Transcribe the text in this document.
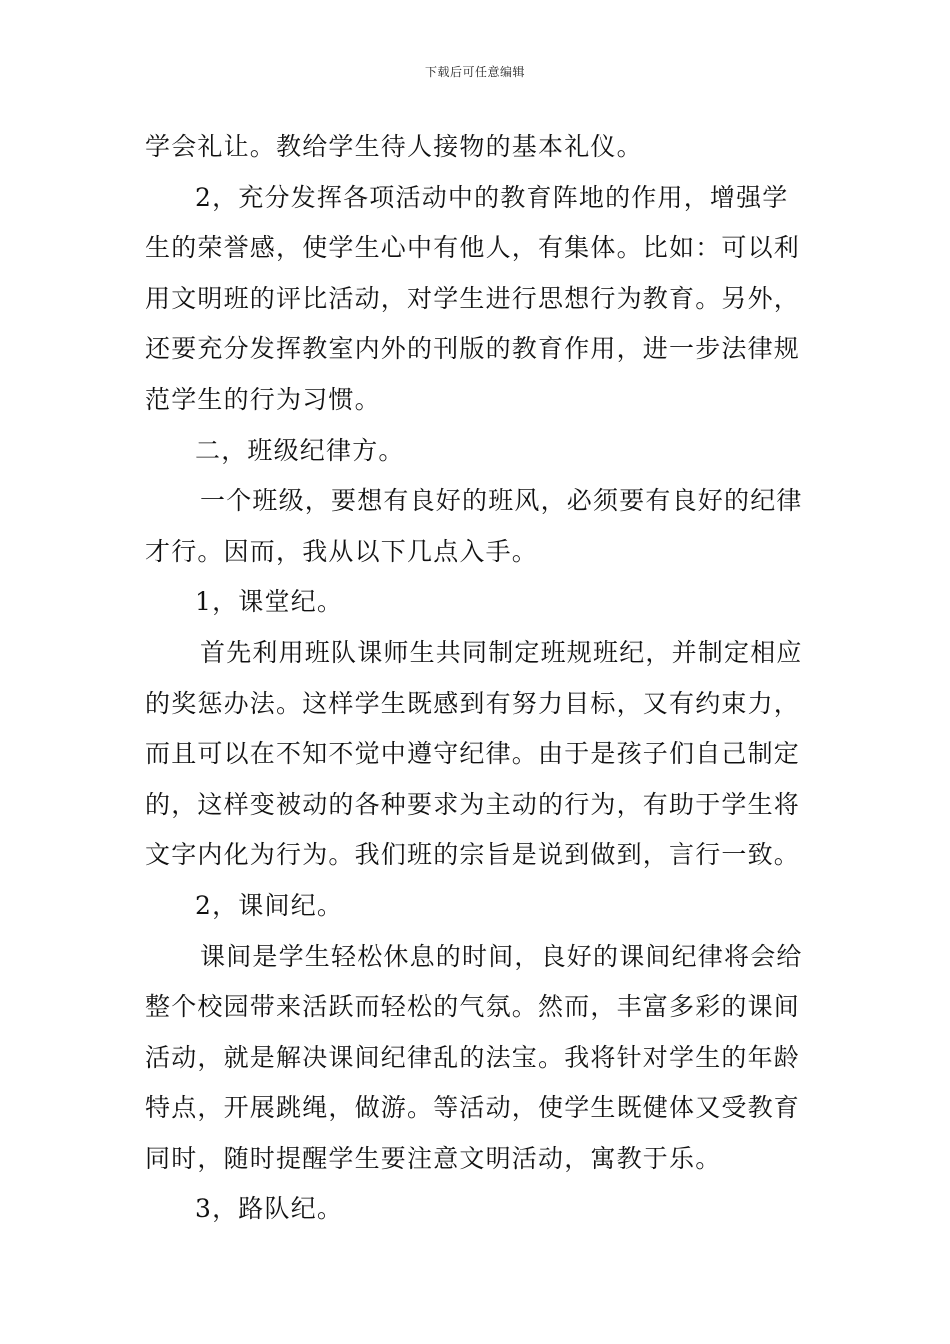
下载后可任意编辑

学会礼让。教给学生待人接物的基本礼仪。

2，充分发挥各项活动中的教育阵地的作用，增强学生的荣誉感，使学生心中有他人，有集体。比如：可以利用文明班的评比活动，对学生进行思想行为教育。另外，还要充分发挥教室内外的刊版的教育作用，进一步法律规范学生的行为习惯。

二，班级纪律方。

一个班级，要想有良好的班风，必须要有良好的纪律才行。因而，我从以下几点入手。

1，课堂纪。

首先利用班队课师生共同制定班规班纪，并制定相应的奖惩办法。这样学生既感到有努力目标，又有约束力，而且可以在不知不觉中遵守纪律。由于是孩子们自己制定的，这样变被动的各种要求为主动的行为，有助于学生将文字内化为行为。我们班的宗旨是说到做到，言行一致。

2，课间纪。

课间是学生轻松休息的时间，良好的课间纪律将会给整个校园带来活跃而轻松的气氛。然而，丰富多彩的课间活动，就是解决课间纪律乱的法宝。我将针对学生的年龄特点，开展跳绳，做游。等活动，使学生既健体又受教育同时，随时提醒学生要注意文明活动，寓教于乐。

3，路队纪。
